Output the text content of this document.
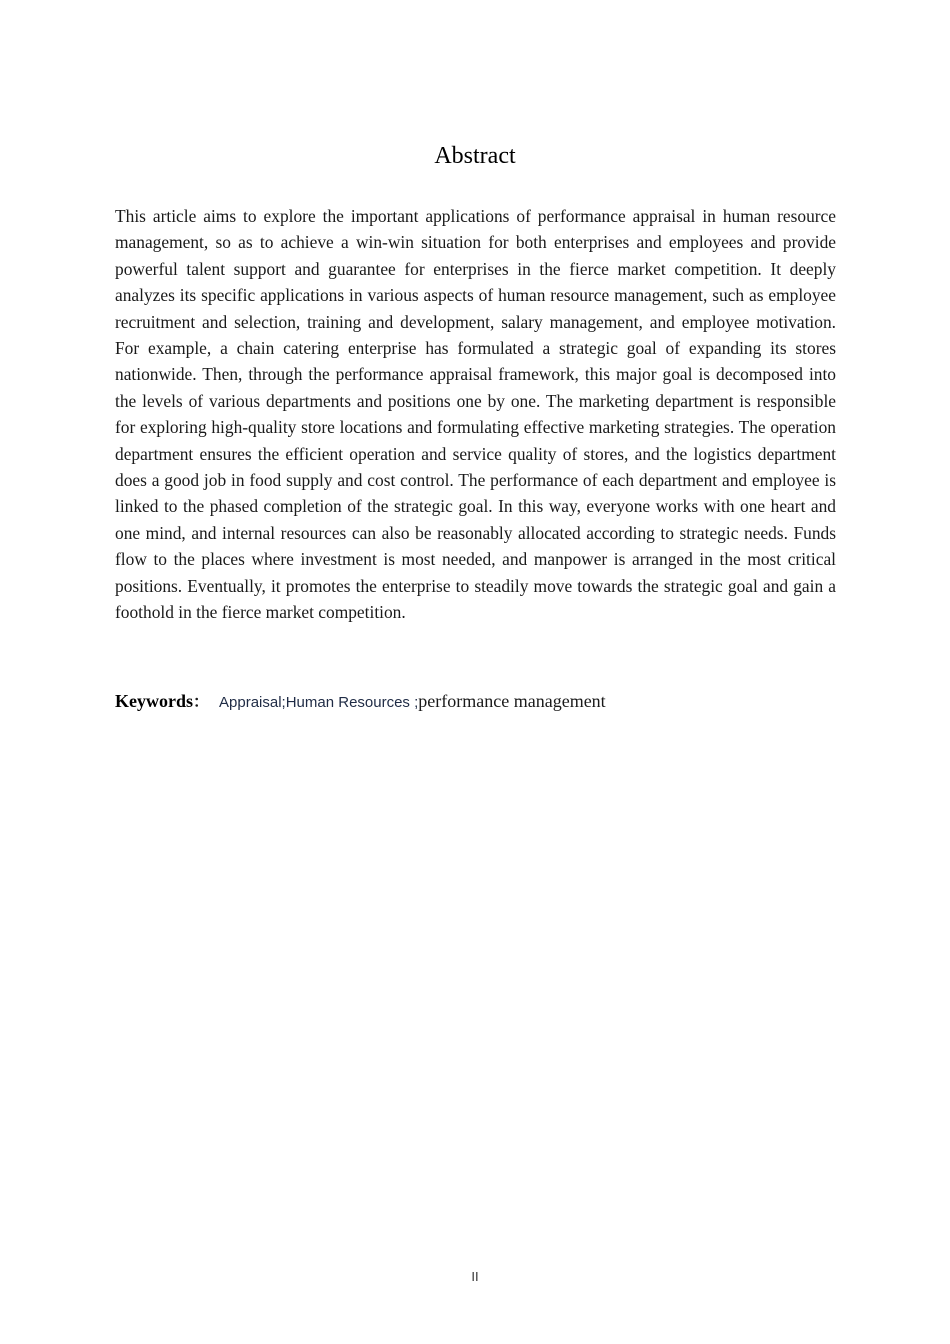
Abstract

This article aims to explore the important applications of performance appraisal in human resource management, so as to achieve a win-win situation for both enterprises and employees and provide powerful talent support and guarantee for enterprises in the fierce market competition. It deeply analyzes its specific applications in various aspects of human resource management, such as employee recruitment and selection, training and development, salary management, and employee motivation. For example, a chain catering enterprise has formulated a strategic goal of expanding its stores nationwide. Then, through the performance appraisal framework, this major goal is decomposed into the levels of various departments and positions one by one. The marketing department is responsible for exploring high-quality store locations and formulating effective marketing strategies. The operation department ensures the efficient operation and service quality of stores, and the logistics department does a good job in food supply and cost control. The performance of each department and employee is linked to the phased completion of the strategic goal. In this way, everyone works with one heart and one mind, and internal resources can also be reasonably allocated according to strategic needs. Funds flow to the places where investment is most needed, and manpower is arranged in the most critical positions. Eventually, it promotes the enterprise to steadily move towards the strategic goal and gain a foothold in the fierce market competition.

Keywords： Appraisal;Human Resources ;performance management

II
